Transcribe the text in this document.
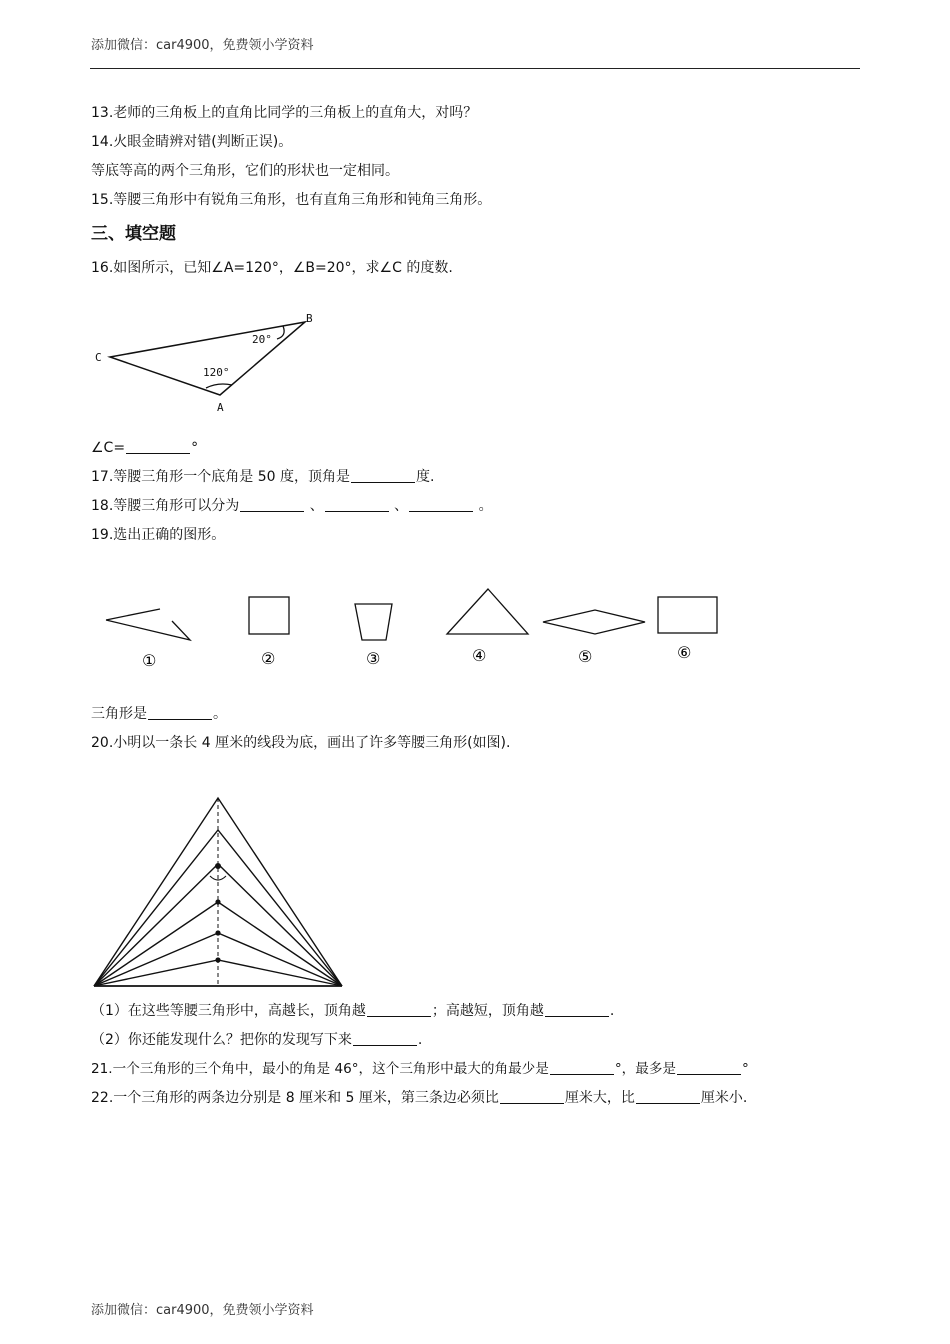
添加微信：car4900，免费领小学资料
13.老师的三角板上的直角比同学的三角板上的直角大，对吗？
14.火眼金睛辨对错(判断正误)。
等底等高的两个三角形，它们的形状也一定相同。
15.等腰三角形中有锐角三角形，也有直角三角形和钝角三角形。
三、填空题
16.如图所示，已知∠A=120°，∠B=20°，求∠C 的度数.
C
B
A
20°
120°
∠C=	°
17.等腰三角形一个底角是 50 度，顶角是	度.
18.等腰三角形可以分为	、	、	。
19.选出正确的图形。
①	②	③	④	⑤	⑥
三角形是	。
20.小明以一条长 4 厘米的线段为底，画出了许多等腰三角形(如图).
（1）在这些等腰三角形中，高越长，顶角越	；高越短，顶角越	.
（2）你还能发现什么？把你的发现写下来	.
21.一个三角形的三个角中，最小的角是 46°，这个三角形中最大的角最少是	°，最多是	°
22.一个三角形的两条边分别是 8 厘米和 5 厘米，第三条边必须比	厘米大，比	厘米小.
添加微信：car4900，免费领小学资料
